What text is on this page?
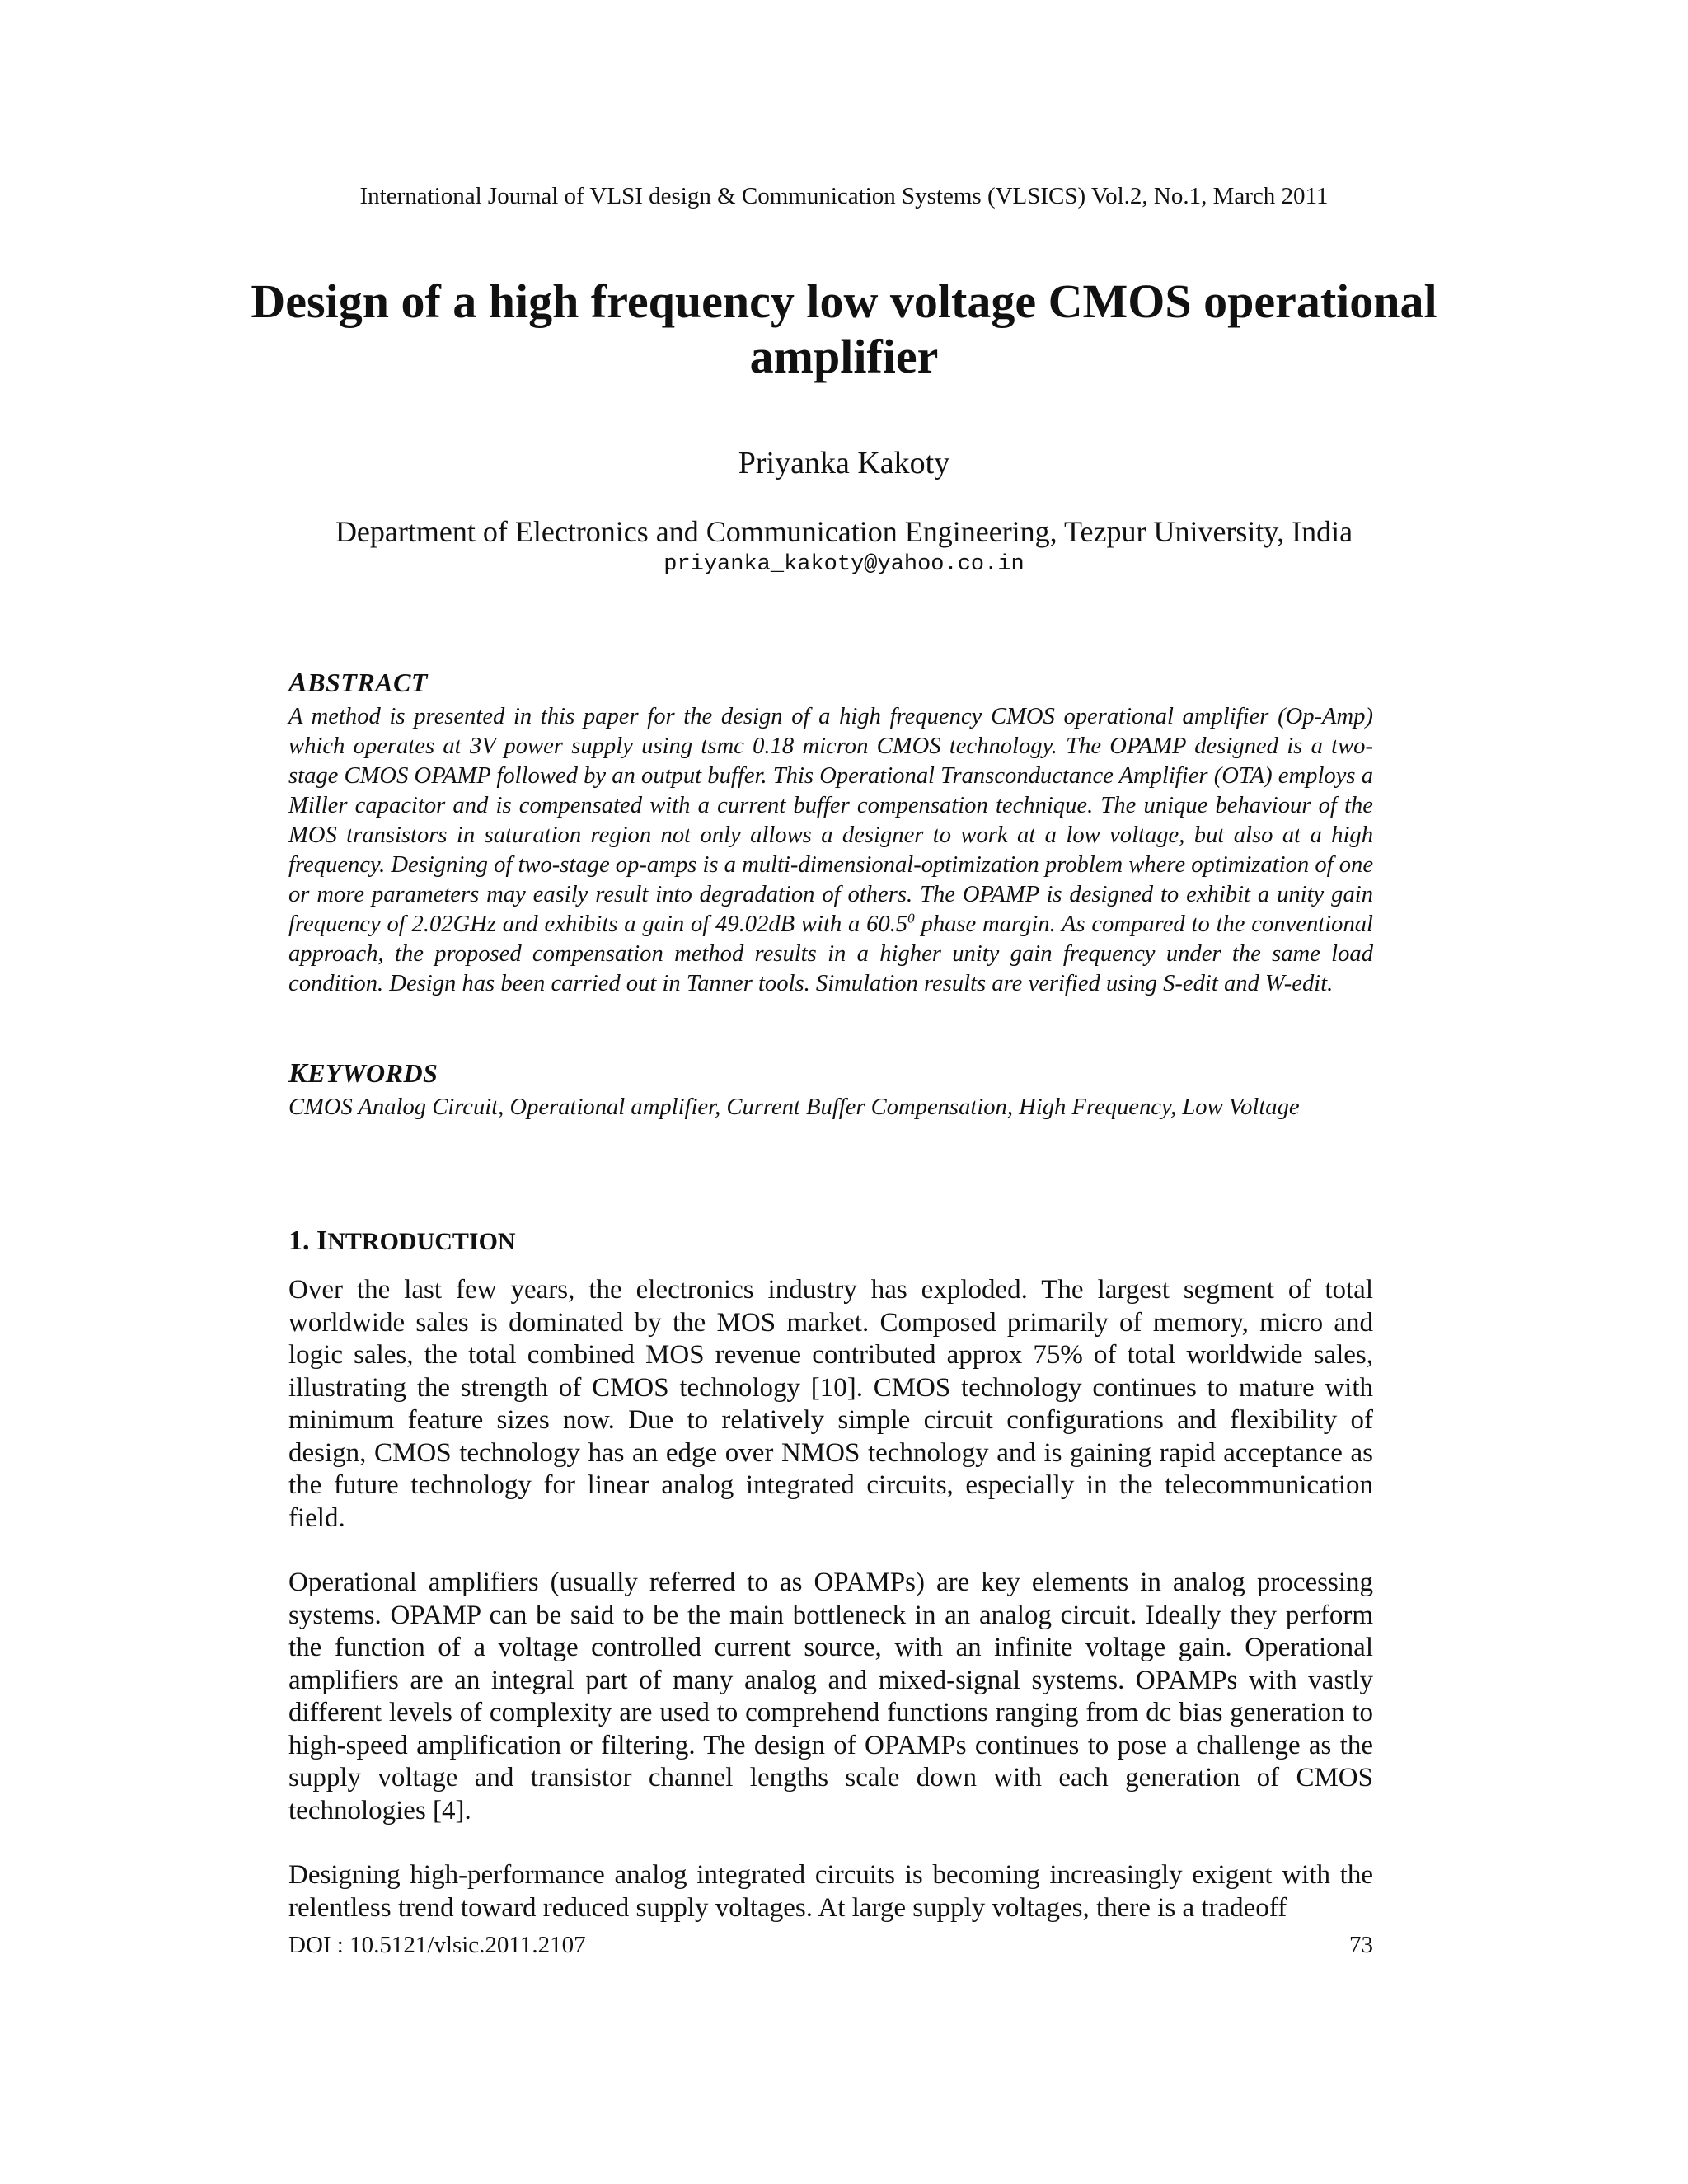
International Journal of VLSI design & Communication Systems (VLSICS) Vol.2, No.1, March 2011
Design of a high frequency low voltage CMOS operational amplifier
Priyanka Kakoty
Department of Electronics and Communication Engineering, Tezpur University, India
priyanka_kakoty@yahoo.co.in
ABSTRACT
A method is presented in this paper for the design of a high frequency CMOS operational amplifier (Op-Amp) which operates at 3V power supply using tsmc 0.18 micron CMOS technology. The OPAMP designed is a two-stage CMOS OPAMP followed by an output buffer. This Operational Transconductance Amplifier (OTA) employs a Miller capacitor and is compensated with a current buffer compensation technique. The unique behaviour of the MOS transistors in saturation region not only allows a designer to work at a low voltage, but also at a high frequency. Designing of two-stage op-amps is a multi-dimensional-optimization problem where optimization of one or more parameters may easily result into degradation of others. The OPAMP is designed to exhibit a unity gain frequency of 2.02GHz and exhibits a gain of 49.02dB with a 60.5$^0$ phase margin. As compared to the conventional approach, the proposed compensation method results in a higher unity gain frequency under the same load condition. Design has been carried out in Tanner tools. Simulation results are verified using S-edit and W-edit.
KEYWORDS
CMOS Analog Circuit, Operational amplifier, Current Buffer Compensation, High Frequency, Low Voltage
1. INTRODUCTION

Over the last few years, the electronics industry has exploded. The largest segment of total worldwide sales is dominated by the MOS market. Composed primarily of memory, micro and logic sales, the total combined MOS revenue contributed approx 75% of total worldwide sales, illustrating the strength of CMOS technology [10]. CMOS technology continues to mature with minimum feature sizes now. Due to relatively simple circuit configurations and flexibility of design, CMOS technology has an edge over NMOS technology and is gaining rapid acceptance as the future technology for linear analog integrated circuits, especially in the telecommunication field.

Operational amplifiers (usually referred to as OPAMPs) are key elements in analog processing systems. OPAMP can be said to be the main bottleneck in an analog circuit. Ideally they perform the function of a voltage controlled current source, with an infinite voltage gain. Operational amplifiers are an integral part of many analog and mixed-signal systems. OPAMPs with vastly different levels of complexity are used to comprehend functions ranging from dc bias generation to high-speed amplification or filtering. The design of OPAMPs continues to pose a challenge as the supply voltage and transistor channel lengths scale down with each generation of CMOS technologies [4].

Designing high-performance analog integrated circuits is becoming increasingly exigent with the relentless trend toward reduced supply voltages. At large supply voltages, there is a tradeoff

DOI : 10.5121/vlsic.2011.2107	73
